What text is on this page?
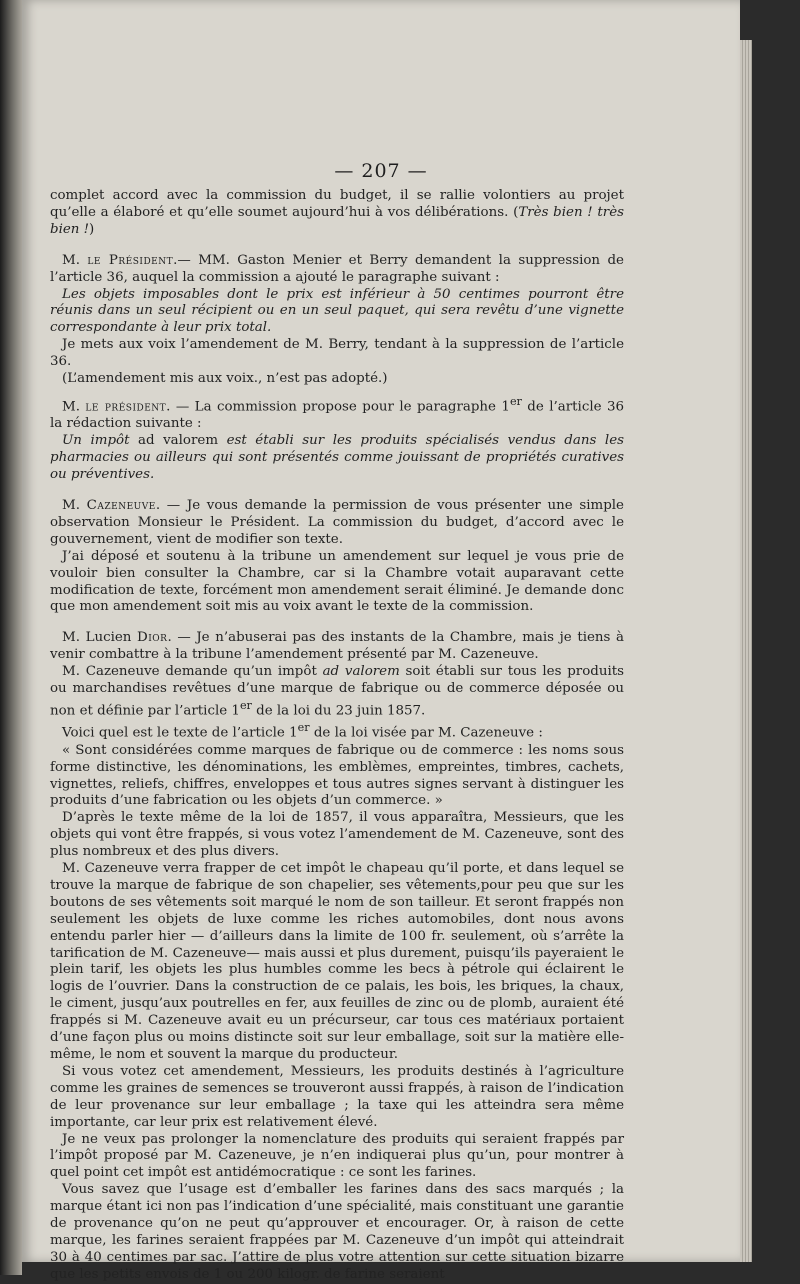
— 207 —

complet accord avec la commission du budget, il se rallie volontiers au projet qu’elle a élaboré et qu’elle soumet aujourd’hui à vos délibérations. (Très bien ! très bien !)

M. le Président.— MM. Gaston Menier et Berry demandent la suppression de l’article 36, auquel la commission a ajouté le paragraphe suivant :

Les objets imposables dont le prix est inférieur à 50 centimes pourront être réunis dans un seul récipient ou en un seul paquet, qui sera revêtu d’une vignette correspondante à leur prix total.

Je mets aux voix l’amendement de M. Berry, tendant à la suppression de l’article 36.

(L’amendement mis aux voix., n’est pas adopté.)

M. le président. — La commission propose pour le paragraphe 1er de l’article 36 la rédaction suivante :

Un impôt ad valorem est établi sur les produits spécialisés vendus dans les pharmacies ou ailleurs qui sont présentés comme jouissant de propriétés curatives ou préventives.

M. Cazeneuve. — Je vous demande la permission de vous présenter une simple observation Monsieur le Président. La commission du budget, d’accord avec le gouvernement, vient de modifier son texte.

J’ai déposé et soutenu à la tribune un amendement sur lequel je vous prie de vouloir bien consulter la Chambre, car si la Chambre votait auparavant cette modification de texte, forcément mon amendement serait éliminé. Je demande donc que mon amendement soit mis au voix avant le texte de la commission.

M. Lucien Dior. — Je n’abuserai pas des instants de la Chambre, mais je tiens à venir combattre à la tribune l’amendement présenté par M. Cazeneuve.

M. Cazeneuve demande qu’un impôt ad valorem soit établi sur tous les produits ou marchandises revêtues d’une marque de fabrique ou de commerce déposée ou non et définie par l’article 1er de la loi du 23 juin 1857.

Voici quel est le texte de l’article 1er de la loi visée par M. Cazeneuve :

« Sont considérées comme marques de fabrique ou de commerce : les noms sous forme distinctive, les dénominations, les emblèmes, empreintes, timbres, cachets, vignettes, reliefs, chiffres, enveloppes et tous autres signes servant à distinguer les produits d’une fabrication ou les objets d’un commerce. »

D’après le texte même de la loi de 1857, il vous apparaîtra, Messieurs, que les objets qui vont être frappés, si vous votez l’amendement de M. Cazeneuve, sont des plus nombreux et des plus divers.

M. Cazeneuve verra frapper de cet impôt le chapeau qu’il porte, et dans lequel se trouve la marque de fabrique de son chapelier, ses vêtements,pour peu que sur les boutons de ses vêtements soit marqué le nom de son tailleur. Et seront frappés non seulement les objets de luxe comme les riches automobiles, dont nous avons entendu parler hier — d’ailleurs dans la limite de 100 fr. seulement, où s’arrête la tarification de M. Cazeneuve— mais aussi et plus durement, puisqu’ils payeraient le plein tarif, les objets les plus humbles comme les becs à pétrole qui éclairent le logis de l’ouvrier. Dans la construction de ce palais, les bois, les briques, la chaux, le ciment, jusqu’aux poutrelles en fer, aux feuilles de zinc ou de plomb, auraient été frappés si M. Cazeneuve avait eu un précurseur, car tous ces matériaux portaient d’une façon plus ou moins distincte soit sur leur emballage, soit sur la matière elle-même, le nom et souvent la marque du producteur.

Si vous votez cet amendement, Messieurs, les produits destinés à l’agriculture comme les graines de semences se trouveront aussi frappés, à raison de l’indication de leur provenance sur leur emballage ; la taxe qui les atteindra sera même importante, car leur prix est relativement élevé.

Je ne veux pas prolonger la nomenclature des produits qui seraient frappés par l’impôt proposé par M. Cazeneuve, je n’en indiquerai plus qu’un, pour montrer à quel point cet impôt est antidémocratique : ce sont les farines.

Vous savez que l’usage est d’emballer les farines dans des sacs marqués ; la marque étant ici non pas l’indication d’une spécialité, mais constituant une garantie de provenance qu’on ne peut qu’approuver et encourager. Or, à raison de cette marque, les farines seraient frappées par M. Cazeneuve d’un impôt qui atteindrait 30 à 40 centimes par sac. J’attire de plus votre attention sur cette situation bizarre que les petits envois de 1 ou 200 kilogr. de farine seraient
